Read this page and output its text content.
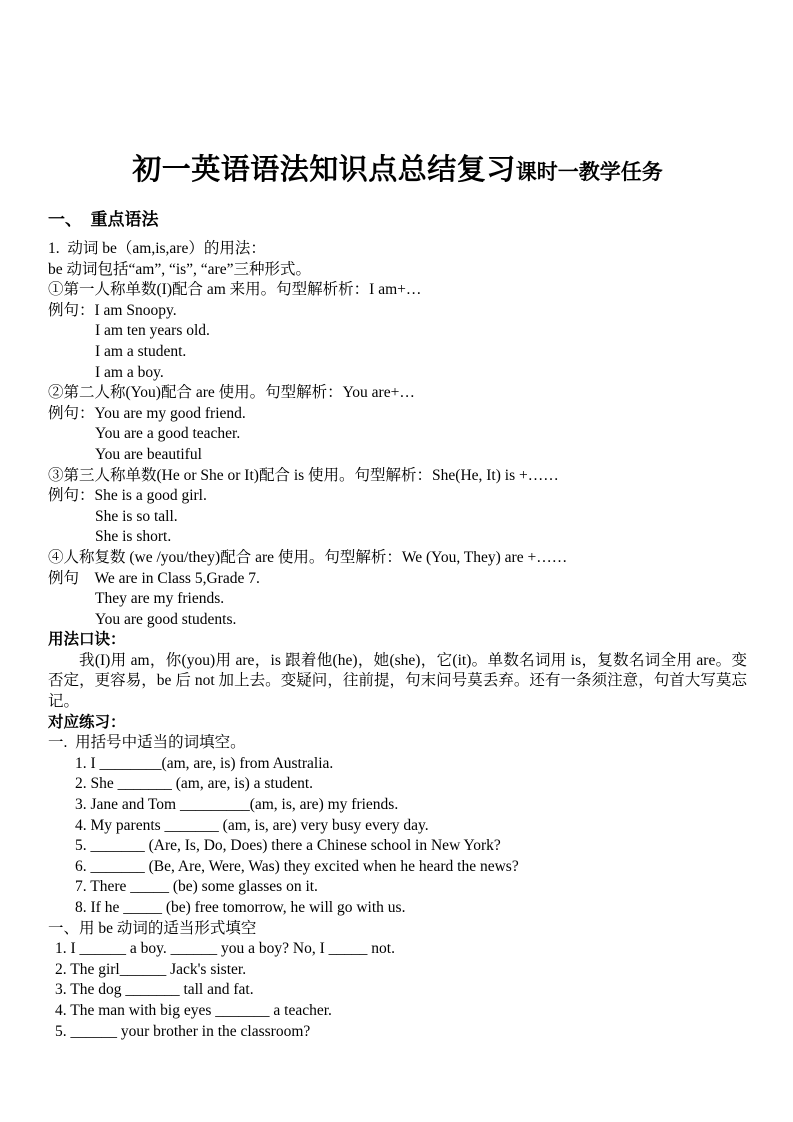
初一英语语法知识点总结复习课时一教学任务
一、  重点语法
1.  动词 be（am,is,are）的用法：
be 动词包括“am”, “is”, “are”三种形式。
①第一人称单数(I)配合 am 来用。句型解析析：I am+…
例句：I am Snoopy.
I am ten years old.
I am a student.
I am a boy.
②第二人称(You)配合 are 使用。句型解析：You are+…
例句：You are my good friend.
You are a good teacher.
You are beautiful
③第三人称单数(He or She or It)配合 is 使用。句型解析：She(He, It) is +……
例句：She is a good girl.
She is so tall.
She is short.
④人称复数 (we /you/they)配合 are 使用。句型解析：We (You, They) are +……
例句    We are in Class 5,Grade 7.
They are my friends.
You are good students.
用法口诀：
我(I)用 am，你(you)用 are，is 跟着他(he)，她(she)，它(it)。单数名词用 is，复数名词全用 are。变否定，更容易，be 后 not 加上去。变疑问，往前提，句末问号莫丢弃。还有一条须注意，句首大写莫忘记。
对应练习：
一.  用括号中适当的词填空。
1. I ________(am, are, is) from Australia.
2. She _______ (am, are, is) a student.
3. Jane and Tom _________(am, is, are) my friends.
4. My parents _______ (am, is, are) very busy every day.
5. _______ (Are, Is, Do, Does) there a Chinese school in New York?
6. _______ (Be, Are, Were, Was) they excited when he heard the news?
7. There _____ (be) some glasses on it.
8. If he _____ (be) free tomorrow, he will go with us.
一、用 be 动词的适当形式填空
1. I ______ a boy. ______ you a boy? No, I _____ not.
2. The girl______ Jack's sister.
3. The dog _______ tall and fat.
4. The man with big eyes _______ a teacher.
5. ______ your brother in the classroom?
